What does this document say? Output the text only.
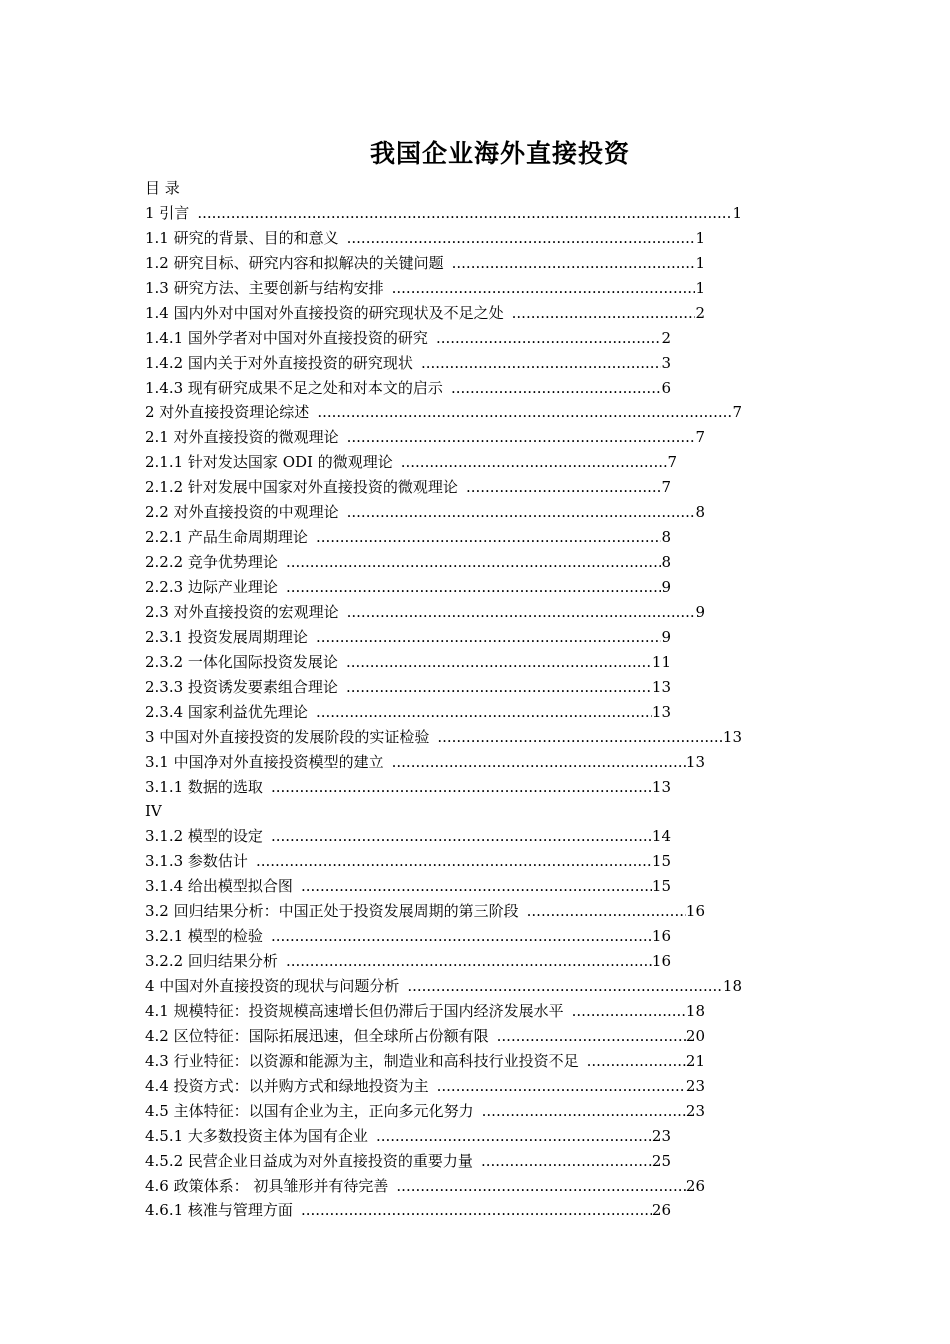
我国企业海外直接投资
目 录
1 引言 .....	1
1.1 研究的背景、目的和意义 .....	1
1.2 研究目标、研究内容和拟解决的关键问题 .....	1
1.3 研究方法、主要创新与结构安排 .....	1
1.4 国内外对中国对外直接投资的研究现状及不足之处 .....	2
1.4.1 国外学者对中国对外直接投资的研究 .....	2
1.4.2 国内关于对外直接投资的研究现状 .....	3
1.4.3 现有研究成果不足之处和对本文的启示 .....	6
2 对外直接投资理论综述 .....	7
2.1 对外直接投资的微观理论 .....	7
2.1.1 针对发达国家 ODI 的微观理论 .....	7
2.1.2 针对发展中国家对外直接投资的微观理论 .....	7
2.2 对外直接投资的中观理论 .....	8
2.2.1 产品生命周期理论 .....	8
2.2.2 竞争优势理论 .....	8
2.2.3 边际产业理论 .....	9
2.3 对外直接投资的宏观理论 .....	9
2.3.1 投资发展周期理论 .....	9
2.3.2 一体化国际投资发展论 .....	11
2.3.3 投资诱发要素组合理论 .....	13
2.3.4 国家利益优先理论 .....	13
3 中国对外直接投资的发展阶段的实证检验 .....	13
3.1 中国净对外直接投资模型的建立 .....	13
3.1.1 数据的选取 .....	13
IV
3.1.2 模型的设定 .....	14
3.1.3 参数估计 .....	15
3.1.4 给出模型拟合图 .....	15
3.2 回归结果分析：中国正处于投资发展周期的第三阶段 .....	16
3.2.1 模型的检验 .....	16
3.2.2 回归结果分析 .....	16
4 中国对外直接投资的现状与问题分析 .....	18
4.1 规模特征：投资规模高速增长但仍滞后于国内经济发展水平 .....	18
4.2 区位特征：国际拓展迅速，但全球所占份额有限 .....	20
4.3 行业特征：以资源和能源为主，制造业和高科技行业投资不足 .....	21
4.4 投资方式：以并购方式和绿地投资为主 .....	23
4.5 主体特征：以国有企业为主，正向多元化努力 .....	23
4.5.1 大多数投资主体为国有企业 .....	23
4.5.2 民营企业日益成为对外直接投资的重要力量 .....	25
4.6 政策体系： 初具雏形并有待完善 .....	26
4.6.1 核准与管理方面 .....	26
